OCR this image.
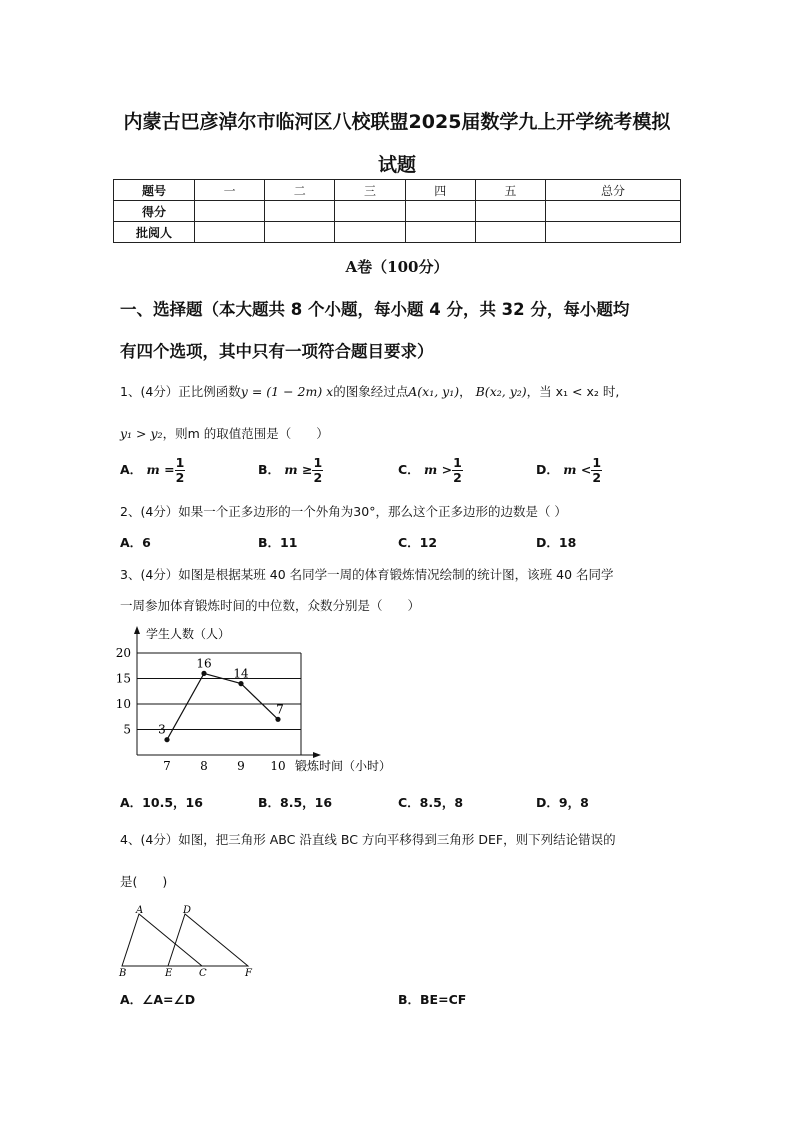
内蒙古巴彦淖尔市临河区八校联盟2025届数学九上开学统考模拟
试题
题号	一	二	三	四	五	总分
得分						
批阅人						
A卷（100分）
一、选择题（本大题共 8 个小题，每小题 4 分，共 32 分，每小题均
有四个选项，其中只有一项符合题目要求）
1、(4分）正比例函数y = (1 − 2m) x的图象经过点A(x₁, y₁)， B(x₂, y₂)，当 x₁ < x₂ 时,
y₁ > y₂，则m 的取值范围是（　　）
A． $m = \frac{1}{2}$	B． $m \ge \frac{1}{2}$	C． $m > \frac{1}{2}$	D． $m < \frac{1}{2}$
2、(4分）如果一个正多边形的一个外角为30°，那么这个正多边形的边数是（ ）
A．6	B．11	C．12	D．18
3、(4分）如图是根据某班 40 名同学一周的体育锻炼情况绘制的统计图，该班 40 名同学
一周参加体育锻炼时间的中位数，众数分别是（　　）
学生人数（人）
锻炼时间（小时）
5
10
15
20
7 8 9 10
3
16
14
7
A．10.5，16	B．8.5，16	C．8.5，8	D．9，8
4、(4分）如图，把三角形 ABC 沿直线 BC 方向平移得到三角形 DEF，则下列结论错误的
是(　　)
A	D
B	E	C	F
A．∠A=∠D	B．BE=CF
